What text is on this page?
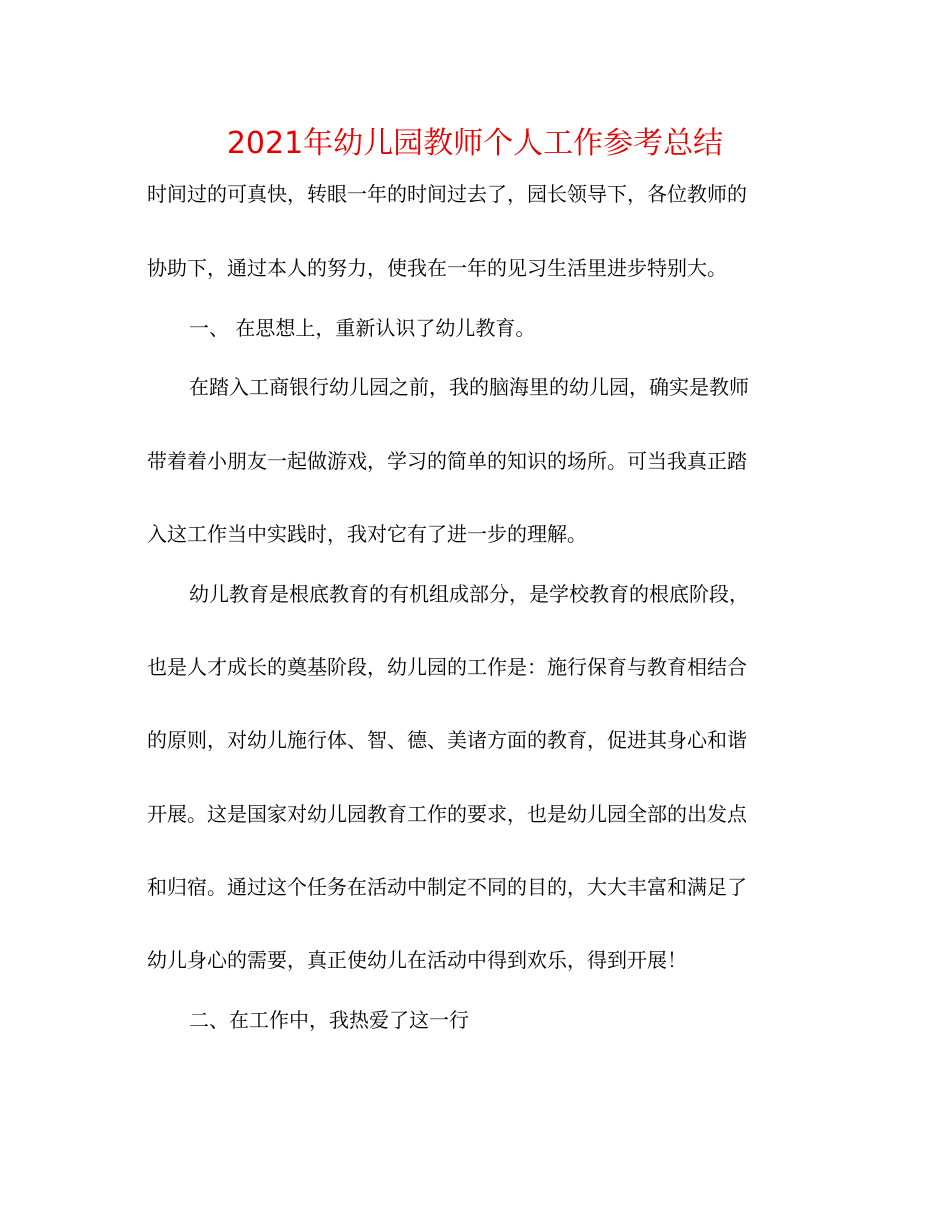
2021年幼儿园教师个人工作参考总结
时间过的可真快，转眼一年的时间过去了，园长领导下，各位教师的
协助下，通过本人的努力，使我在一年的见习生活里进步特别大。
一、 在思想上，重新认识了幼儿教育。
在踏入工商银行幼儿园之前，我的脑海里的幼儿园，确实是教师
带着着小朋友一起做游戏，学习的简单的知识的场所。可当我真正踏
入这工作当中实践时，我对它有了进一步的理解。
幼儿教育是根底教育的有机组成部分，是学校教育的根底阶段，
也是人才成长的奠基阶段，幼儿园的工作是：施行保育与教育相结合
的原则，对幼儿施行体、智、德、美诸方面的教育，促进其身心和谐
开展。这是国家对幼儿园教育工作的要求，也是幼儿园全部的出发点
和归宿。通过这个任务在活动中制定不同的目的，大大丰富和满足了
幼儿身心的需要，真正使幼儿在活动中得到欢乐，得到开展！
二、在工作中，我热爱了这一行
